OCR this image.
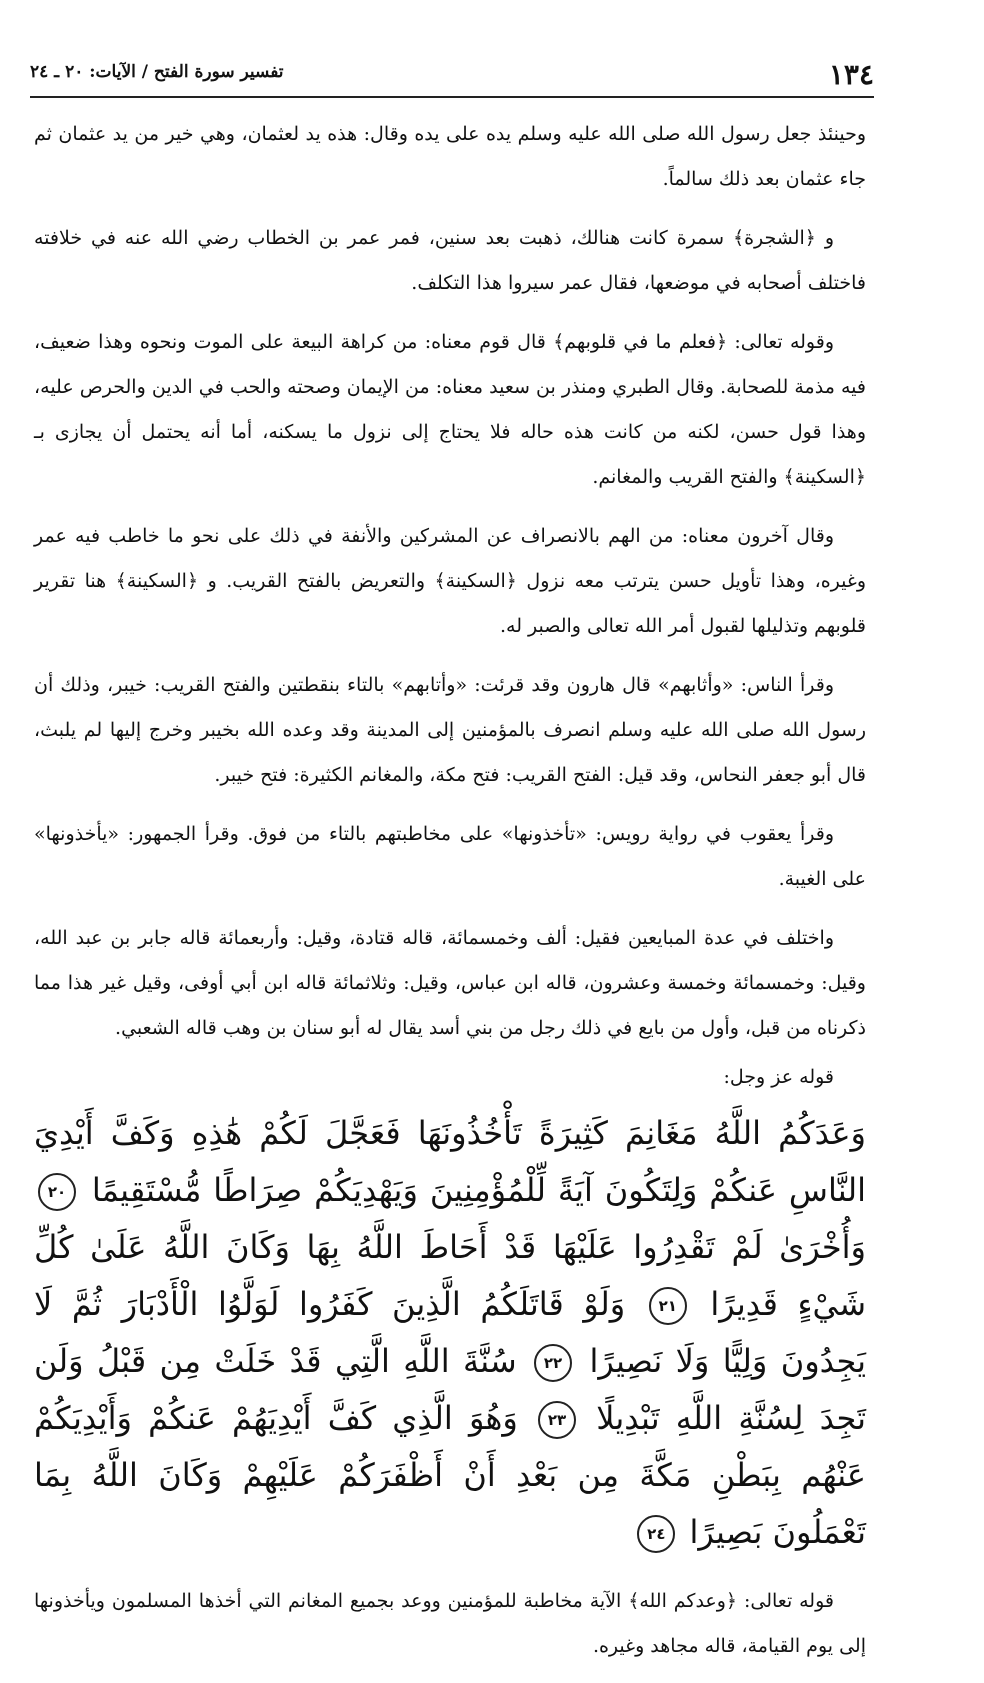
١٣٤
تفسير سورة الفتح / الآيات: ٢٠ ـ ٢٤

وحينئذ جعل رسول الله صلى الله عليه وسلم يده على يده وقال: هذه يد لعثمان، وهي خير من يد عثمان ثم جاء عثمان بعد ذلك سالماً.

و ﴿الشجرة﴾ سمرة كانت هنالك، ذهبت بعد سنين، فمر عمر بن الخطاب رضي الله عنه في خلافته فاختلف أصحابه في موضعها، فقال عمر سيروا هذا التكلف.

وقوله تعالى: ﴿فعلم ما في قلوبهم﴾ قال قوم معناه: من كراهة البيعة على الموت ونحوه وهذا ضعيف، فيه مذمة للصحابة. وقال الطبري ومنذر بن سعيد معناه: من الإيمان وصحته والحب في الدين والحرص عليه، وهذا قول حسن، لكنه من كانت هذه حاله فلا يحتاج إلى نزول ما يسكنه، أما أنه يحتمل أن يجازى بـ ﴿السكينة﴾ والفتح القريب والمغانم.

وقال آخرون معناه: من الهم بالانصراف عن المشركين والأنفة في ذلك على نحو ما خاطب فيه عمر وغيره، وهذا تأويل حسن يترتب معه نزول ﴿السكينة﴾ والتعريض بالفتح القريب. و ﴿السكينة﴾ هنا تقرير قلوبهم وتذليلها لقبول أمر الله تعالى والصبر له.

وقرأ الناس: «وأثابهم» قال هارون وقد قرئت: «وأتابهم» بالتاء بنقطتين والفتح القريب: خيبر، وذلك أن رسول الله صلى الله عليه وسلم انصرف بالمؤمنين إلى المدينة وقد وعده الله بخيبر وخرج إليها لم يلبث، قال أبو جعفر النحاس، وقد قيل: الفتح القريب: فتح مكة، والمغانم الكثيرة: فتح خيبر.

وقرأ يعقوب في رواية رويس: «تأخذونها» على مخاطبتهم بالتاء من فوق. وقرأ الجمهور: «يأخذونها» على الغيبة.

واختلف في عدة المبايعين فقيل: ألف وخمسمائة، قاله قتادة، وقيل: وأربعمائة قاله جابر بن عبد الله، وقيل: وخمسمائة وخمسة وعشرون، قاله ابن عباس، وقيل: وثلاثمائة قاله ابن أبي أوفى، وقيل غير هذا مما ذكرناه من قبل، وأول من بايع في ذلك رجل من بني أسد يقال له أبو سنان بن وهب قاله الشعبي.

قوله عز وجل:

وَعَدَكُمُ اللَّهُ مَغَانِمَ كَثِيرَةً تَأْخُذُونَهَا فَعَجَّلَ لَكُمْ هَٰذِهِ وَكَفَّ أَيْدِيَ النَّاسِ عَنكُمْ وَلِتَكُونَ آيَةً لِّلْمُؤْمِنِينَ وَيَهْدِيَكُمْ صِرَاطًا مُّسْتَقِيمًا ٢٠ وَأُخْرَىٰ لَمْ تَقْدِرُوا عَلَيْهَا قَدْ أَحَاطَ اللَّهُ بِهَا وَكَانَ اللَّهُ عَلَىٰ كُلِّ شَيْءٍ قَدِيرًا ٢١ وَلَوْ قَاتَلَكُمُ الَّذِينَ كَفَرُوا لَوَلَّوُا الْأَدْبَارَ ثُمَّ لَا يَجِدُونَ وَلِيًّا وَلَا نَصِيرًا ٢٢ سُنَّةَ اللَّهِ الَّتِي قَدْ خَلَتْ مِن قَبْلُ وَلَن تَجِدَ لِسُنَّةِ اللَّهِ تَبْدِيلًا ٢٣ وَهُوَ الَّذِي كَفَّ أَيْدِيَهُمْ عَنكُمْ وَأَيْدِيَكُمْ عَنْهُم بِبَطْنِ مَكَّةَ مِن بَعْدِ أَنْ أَظْفَرَكُمْ عَلَيْهِمْ وَكَانَ اللَّهُ بِمَا تَعْمَلُونَ بَصِيرًا ٢٤

قوله تعالى: ﴿وعدكم الله﴾ الآية مخاطبة للمؤمنين ووعد بجميع المغانم التي أخذها المسلمون ويأخذونها إلى يوم القيامة، قاله مجاهد وغيره.
